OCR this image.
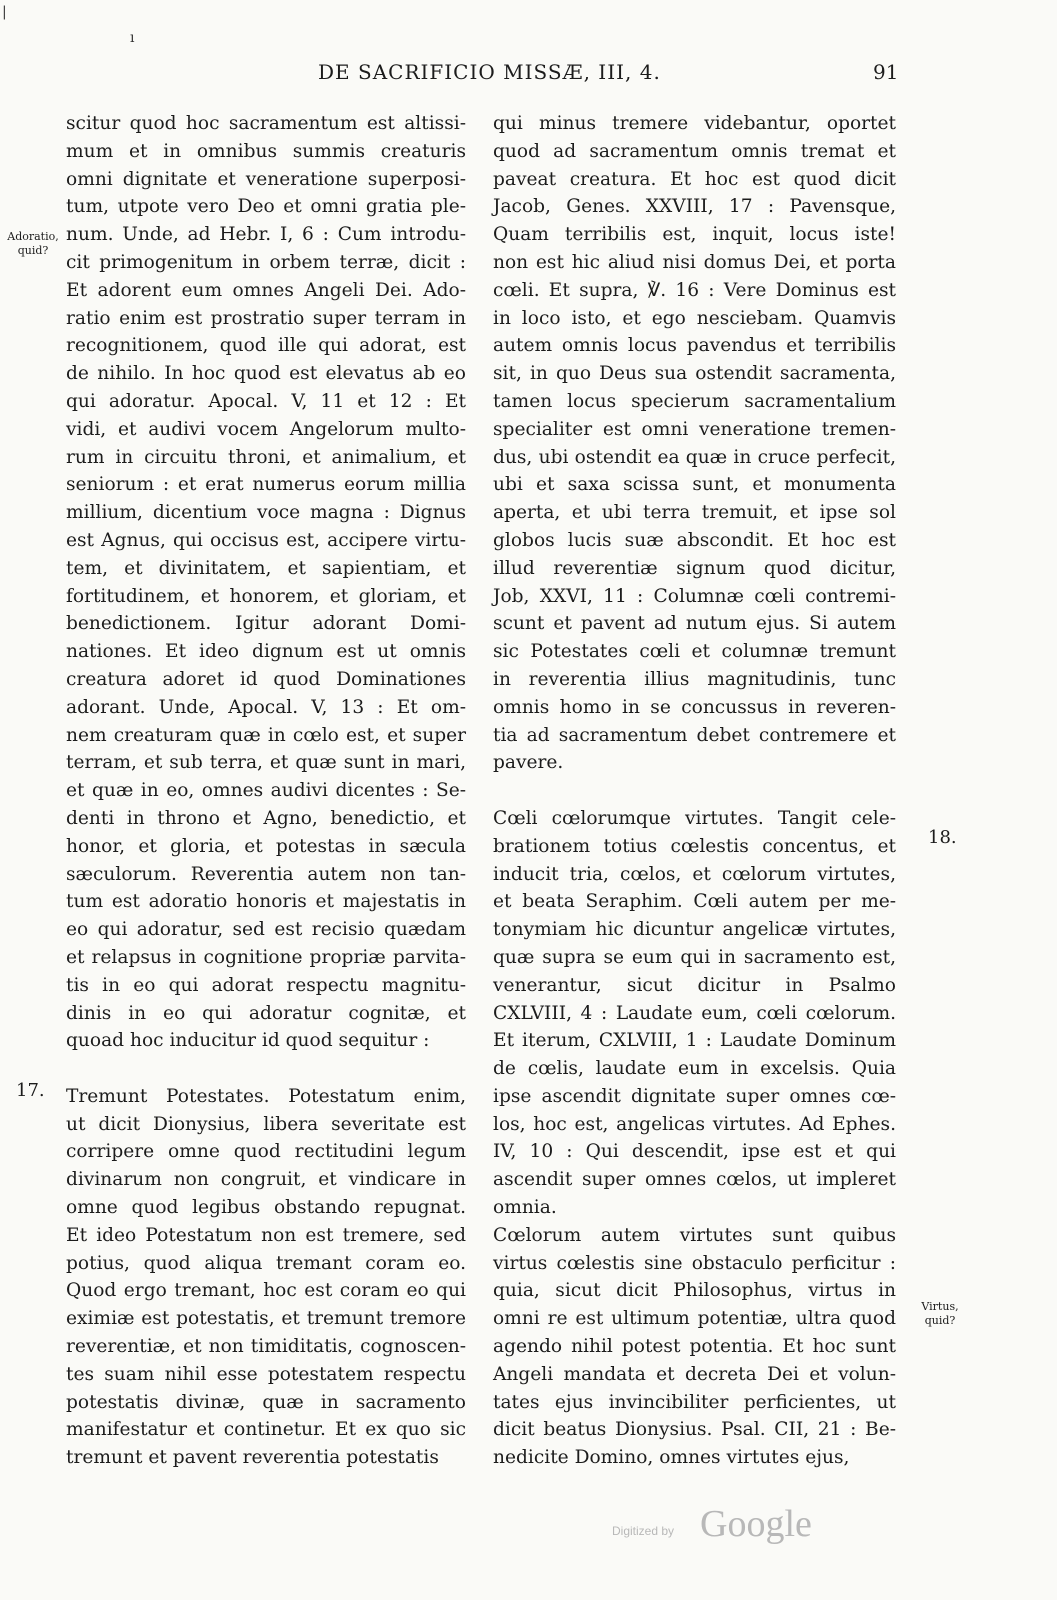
DE SACRIFICIO MISSÆ, III, 4.	91
|
ı
Adoratio,
quid?
17.
18.
Virtus,
quid?

scitur quod hoc sacramentum est altissi-
mum et in omnibus summis creaturis
omni dignitate et veneratione superposi-
tum, utpote vero Deo et omni gratia ple-
num. Unde, ad Hebr. I, 6 : Cum introdu-
cit primogenitum in orbem terræ, dicit :
Et adorent eum omnes Angeli Dei. Ado-
ratio enim est prostratio super terram in
recognitionem, quod ille qui adorat, est
de nihilo. In hoc quod est elevatus ab eo
qui adoratur. Apocal. V, 11 et 12 : Et
vidi, et audivi vocem Angelorum multo-
rum in circuitu throni, et animalium, et
seniorum : et erat numerus eorum millia
millium, dicentium voce magna : Dignus
est Agnus, qui occisus est, accipere virtu-
tem, et divinitatem, et sapientiam, et
fortitudinem, et honorem, et gloriam, et
benedictionem. Igitur adorant Domi-
nationes. Et ideo dignum est ut omnis
creatura adoret id quod Dominationes
adorant. Unde, Apocal. V, 13 : Et om-
nem creaturam quæ in cœlo est, et super
terram, et sub terra, et quæ sunt in mari,
et quæ in eo, omnes audivi dicentes : Se-
denti in throno et Agno, benedictio, et
honor, et gloria, et potestas in sæcula
sæculorum. Reverentia autem non tan-
tum est adoratio honoris et majestatis in
eo qui adoratur, sed est recisio quædam
et relapsus in cognitione propriæ parvita-
tis in eo qui adorat respectu magnitu-
dinis in eo qui adoratur cognitæ, et
quoad hoc inducitur id quod sequitur :

Tremunt Potestates. Potestatum enim,
ut dicit Dionysius, libera severitate est
corripere omne quod rectitudini legum
divinarum non congruit, et vindicare in
omne quod legibus obstando repugnat.
Et ideo Potestatum non est tremere, sed
potius, quod aliqua tremant coram eo.
Quod ergo tremant, hoc est coram eo qui
eximiæ est potestatis, et tremunt tremore
reverentiæ, et non timiditatis, cognoscen-
tes suam nihil esse potestatem respectu
potestatis divinæ, quæ in sacramento
manifestatur et continetur. Et ex quo sic
tremunt et pavent reverentia potestatis

qui minus tremere videbantur, oportet
quod ad sacramentum omnis tremat et
paveat creatura. Et hoc est quod dicit
Jacob, Genes. XXVIII, 17 : Pavensque,
Quam terribilis est, inquit, locus iste!
non est hic aliud nisi domus Dei, et porta
cœli. Et supra, ℣. 16 : Vere Dominus est
in loco isto, et ego nesciebam. Quamvis
autem omnis locus pavendus et terribilis
sit, in quo Deus sua ostendit sacramenta,
tamen locus specierum sacramentalium
specialiter est omni veneratione tremen-
dus, ubi ostendit ea quæ in cruce perfecit,
ubi et saxa scissa sunt, et monumenta
aperta, et ubi terra tremuit, et ipse sol
globos lucis suæ abscondit. Et hoc est
illud reverentiæ signum quod dicitur,
Job, XXVI, 11 : Columnæ cœli contremi-
scunt et pavent ad nutum ejus. Si autem
sic Potestates cœli et columnæ tremunt
in reverentia illius magnitudinis, tunc
omnis homo in se concussus in reveren-
tia ad sacramentum debet contremere et
pavere.

Cœli cœlorumque virtutes. Tangit cele-
brationem totius cœlestis concentus, et
inducit tria, cœlos, et cœlorum virtutes,
et beata Seraphim. Cœli autem per me-
tonymiam hic dicuntur angelicæ virtutes,
quæ supra se eum qui in sacramento est,
venerantur, sicut dicitur in Psalmo
CXLVIII, 4 : Laudate eum, cœli cœlorum.
Et iterum, CXLVIII, 1 : Laudate Dominum
de cœlis, laudate eum in excelsis. Quia
ipse ascendit dignitate super omnes cœ-
los, hoc est, angelicas virtutes. Ad Ephes.
IV, 10 : Qui descendit, ipse est et qui
ascendit super omnes cœlos, ut impleret
omnia.

Cœlorum autem virtutes sunt quibus
virtus cœlestis sine obstaculo perficitur :
quia, sicut dicit Philosophus, virtus in
omni re est ultimum potentiæ, ultra quod
agendo nihil potest potentia. Et hoc sunt
Angeli mandata et decreta Dei et volun-
tates ejus invincibiliter perficientes, ut
dicit beatus Dionysius. Psal. CII, 21 : Be-
nedicite Domino, omnes virtutes ejus,

Digitized by Google
